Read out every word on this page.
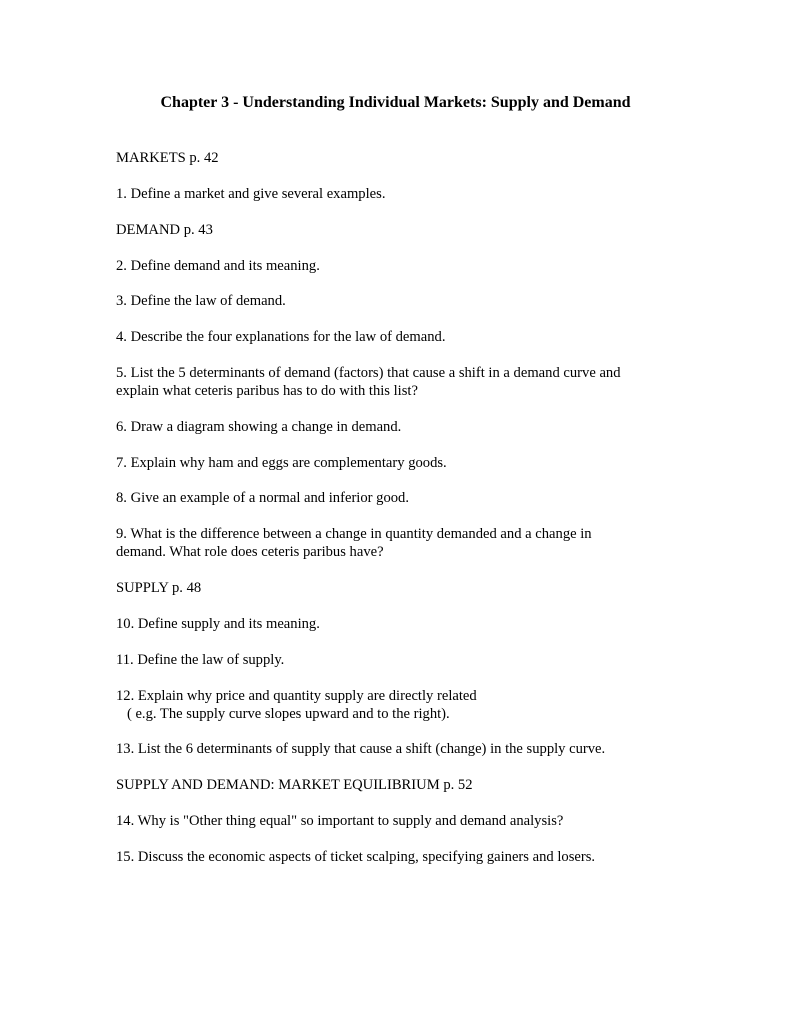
Chapter 3 - Understanding Individual Markets: Supply and Demand
MARKETS p. 42
1. Define a market and give several examples.
DEMAND p. 43
2. Define demand and its meaning.
3. Define the law of demand.
4. Describe the four explanations for the law of demand.
5. List the 5 determinants of demand (factors) that cause a shift in a demand curve and
explain what ceteris paribus has to do with this list?
6. Draw a diagram showing a change in demand.
7. Explain why ham and eggs are complementary goods.
8. Give an example of a normal and inferior good.
9. What is the difference between a change in quantity demanded and a change in
demand. What role does ceteris paribus have?
SUPPLY p. 48
10. Define supply and its meaning.
11. Define the law of supply.
12. Explain why price and quantity supply are directly related
( e.g. The supply curve slopes upward and to the right).
13. List the 6 determinants of supply that cause a shift (change) in the supply curve.
SUPPLY AND DEMAND: MARKET EQUILIBRIUM p. 52
14. Why is "Other thing equal" so important to supply and demand analysis?
15. Discuss the economic aspects of ticket scalping, specifying gainers and losers.
